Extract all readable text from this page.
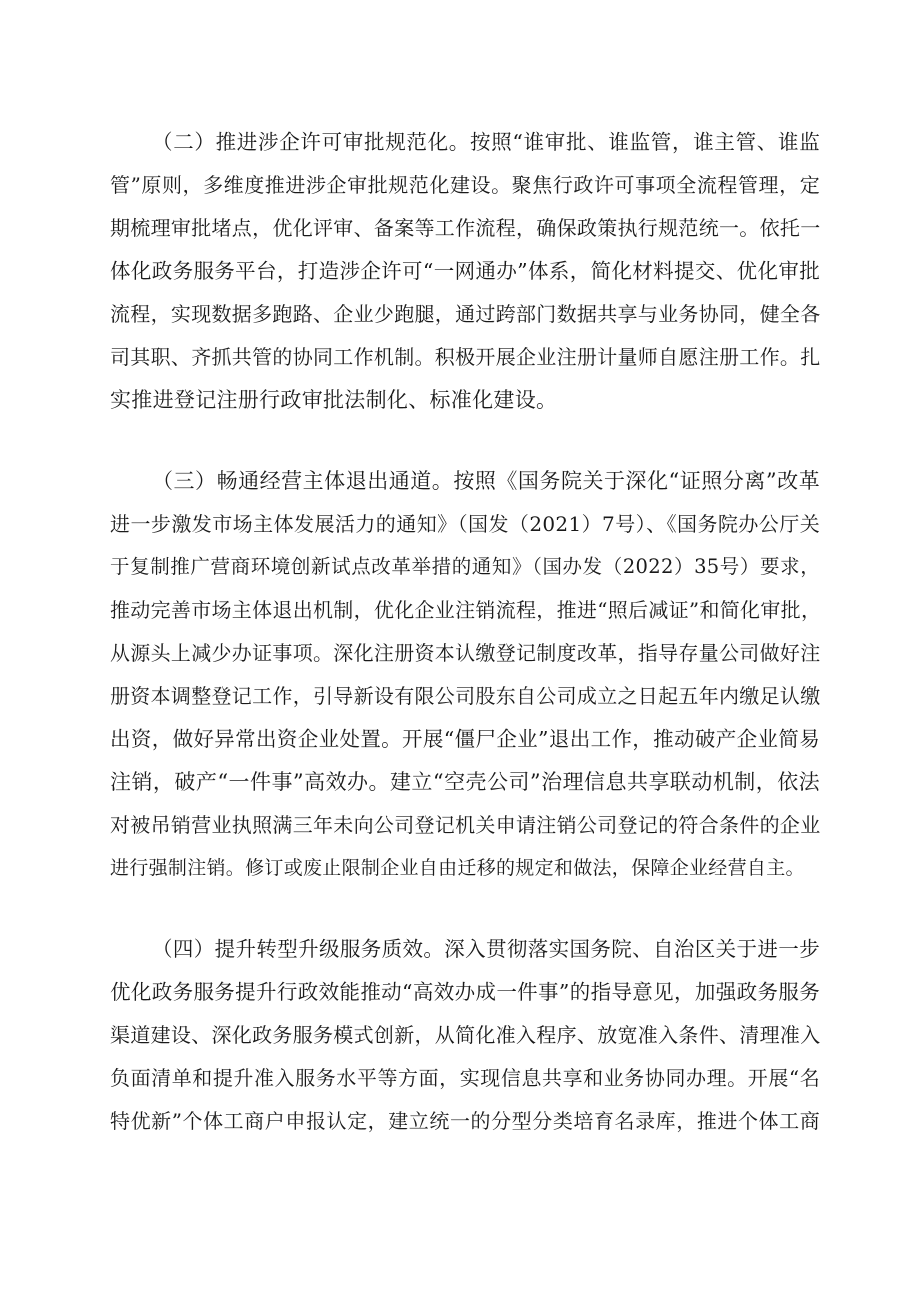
（二）推进涉企许可审批规范化。按照“谁审批、谁监管，谁主管、谁监
管”原则，多维度推进涉企审批规范化建设。聚焦行政许可事项全流程管理，定
期梳理审批堵点，优化评审、备案等工作流程，确保政策执行规范统一。依托一
体化政务服务平台，打造涉企许可“一网通办”体系，简化材料提交、优化审批
流程，实现数据多跑路、企业少跑腿，通过跨部门数据共享与业务协同，健全各
司其职、齐抓共管的协同工作机制。积极开展企业注册计量师自愿注册工作。扎
实推进登记注册行政审批法制化、标准化建设。
（三）畅通经营主体退出通道。按照《国务院关于深化“证照分离”改革
进一步激发市场主体发展活力的通知》（国发（2021）7号）、《国务院办公厅关
于复制推广营商环境创新试点改革举措的通知》（国办发（2022）35号）要求，
推动完善市场主体退出机制，优化企业注销流程，推进“照后减证”和简化审批，
从源头上减少办证事项。深化注册资本认缴登记制度改革，指导存量公司做好注
册资本调整登记工作，引导新设有限公司股东自公司成立之日起五年内缴足认缴
出资，做好异常出资企业处置。开展“僵尸企业”退出工作，推动破产企业简易
注销，破产“一件事”高效办。建立“空壳公司”治理信息共享联动机制，依法
对被吊销营业执照满三年未向公司登记机关申请注销公司登记的符合条件的企业
进行强制注销。修订或废止限制企业自由迁移的规定和做法，保障企业经营自主。
（四）提升转型升级服务质效。深入贯彻落实国务院、自治区关于进一步
优化政务服务提升行政效能推动“高效办成一件事”的指导意见，加强政务服务
渠道建设、深化政务服务模式创新，从简化准入程序、放宽准入条件、清理准入
负面清单和提升准入服务水平等方面，实现信息共享和业务协同办理。开展“名
特优新”个体工商户申报认定，建立统一的分型分类培育名录库，推进个体工商
